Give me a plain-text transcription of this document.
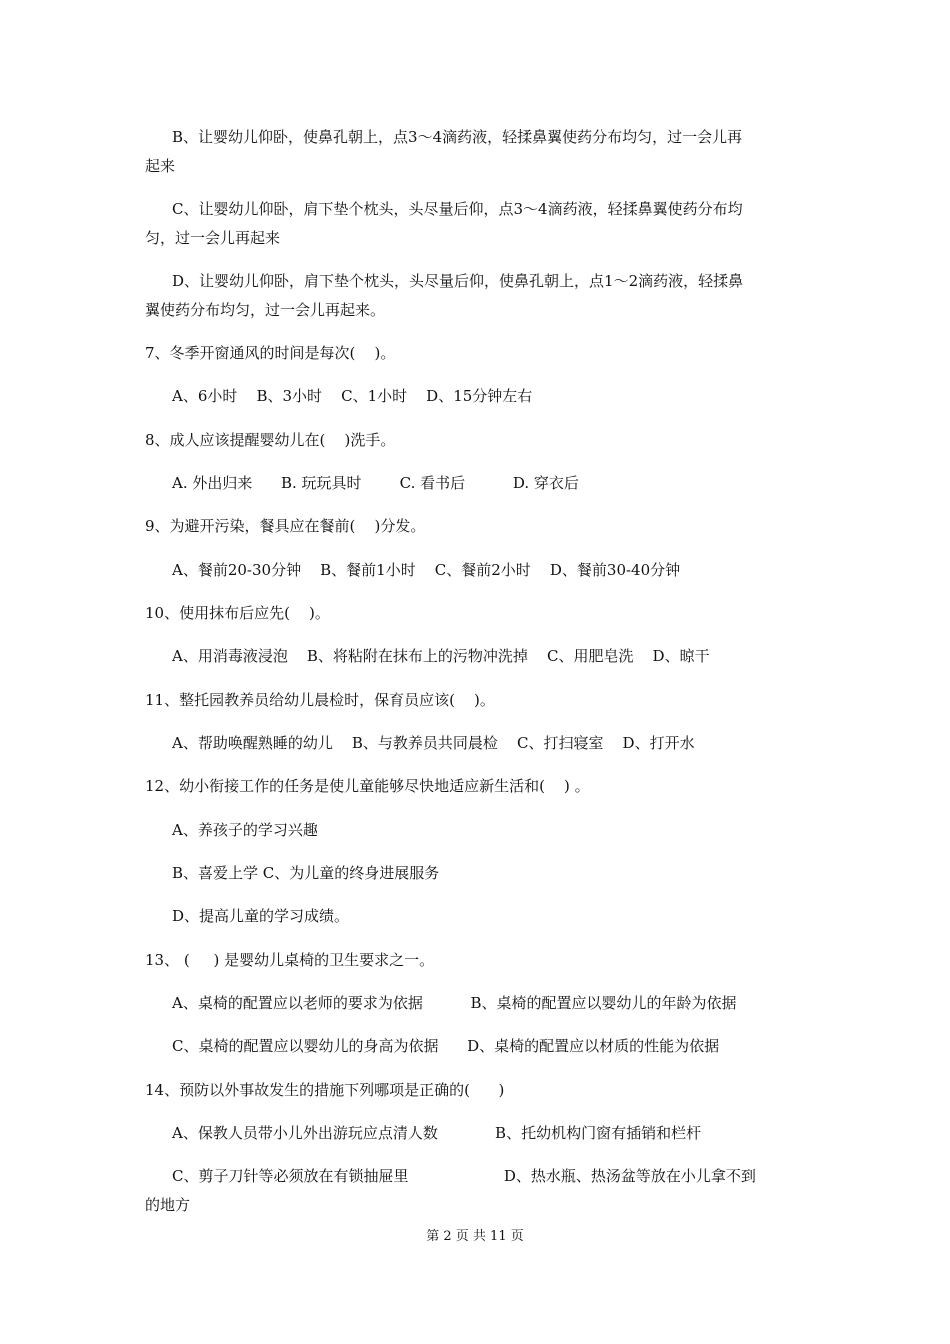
B、让婴幼儿仰卧，使鼻孔朝上，点3～4滴药液，轻揉鼻翼使药分布均匀，过一会儿再
起来
C、让婴幼儿仰卧，肩下垫个枕头，头尽量后仰，点3～4滴药液，轻揉鼻翼使药分布均
匀，过一会儿再起来
D、让婴幼儿仰卧，肩下垫个枕头，头尽量后仰，使鼻孔朝上，点1～2滴药液，轻揉鼻
翼使药分布均匀，过一会儿再起来。
7、冬季开窗通风的时间是每次(    )。
A、6小时    B、3小时    C、1小时    D、15分钟左右
8、成人应该提醒婴幼儿在(    )洗手。
A. 外出归来      B. 玩玩具时        C. 看书后          D. 穿衣后
9、为避开污染，餐具应在餐前(    )分发。
A、餐前20-30分钟    B、餐前1小时    C、餐前2小时    D、餐前30-40分钟
10、使用抹布后应先(    )。
A、用消毒液浸泡    B、将粘附在抹布上的污物冲洗掉    C、用肥皂洗    D、晾干
11、整托园教养员给幼儿晨检时，保育员应该(    )。
A、帮助唤醒熟睡的幼儿    B、与教养员共同晨检    C、打扫寝室    D、打开水
12、幼小衔接工作的任务是使儿童能够尽快地适应新生活和(    ) 。
A、养孩子的学习兴趣
B、喜爱上学 C、为儿童的终身进展服务
D、提高儿童的学习成绩。
13、 (     ) 是婴幼儿桌椅的卫生要求之一。
A、桌椅的配置应以老师的要求为依据          B、桌椅的配置应以婴幼儿的年龄为依据
C、桌椅的配置应以婴幼儿的身高为依据      D、桌椅的配置应以材质的性能为依据
14、预防以外事故发生的措施下列哪项是正确的(      )
A、保教人员带小儿外出游玩应点清人数            B、托幼机构门窗有插销和栏杆
C、剪子刀针等必须放在有锁抽屉里                    D、热水瓶、热汤盆等放在小儿拿不到
的地方
第 2 页 共 11 页
